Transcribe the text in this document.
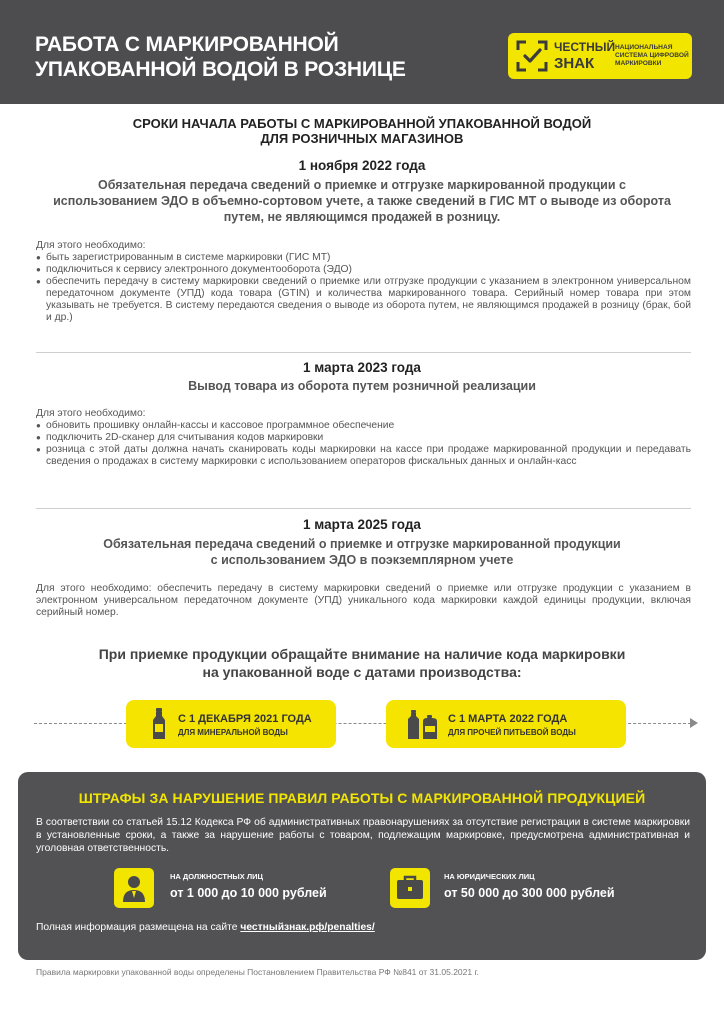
РАБОТА С МАРКИРОВАННОЙ
УПАКОВАННОЙ ВОДОЙ В РОЗНИЦЕ
ЧЕСТНЫЙ
ЗНАК
НАЦИОНАЛЬНАЯ
СИСТЕМА ЦИФРОВОЙ
МАРКИРОВКИ
СРОКИ НАЧАЛА РАБОТЫ С МАРКИРОВАННОЙ УПАКОВАННОЙ ВОДОЙ
ДЛЯ РОЗНИЧНЫХ МАГАЗИНОВ
1 ноября 2022 года
Обязательная передача сведений о приемке и отгрузке маркированной продукции с
использованием ЭДО в объемно-сортовом учете, а также сведений в ГИС МТ о выводе из оборота
путем, не являющимся продажей в розницу.
Для этого необходимо:
● быть зарегистрированным в системе маркировки (ГИС МТ)
● подключиться к сервису электронного документооборота (ЭДО)
● обеспечить передачу в систему маркировки сведений о приемке или отгрузке продукции с указанием в электронном универсальном передаточном документе (УПД) кода товара (GTIN) и количества маркированного товара. Серийный номер товара при этом указывать не требуется. В систему передаются сведения о выводе из оборота путем, не являющимся продажей в розницу (брак, бой и др.)
1 марта 2023 года
Вывод товара из оборота путем розничной реализации
Для этого необходимо:
● обновить прошивку онлайн-кассы и кассовое программное обеспечение
● подключить 2D-сканер для считывания кодов маркировки
● розница с этой даты должна начать сканировать коды маркировки на кассе при продаже маркированной продукции и передавать сведения о продажах в систему маркировки с использованием операторов фискальных данных и онлайн-касс
1 марта 2025 года
Обязательная передача сведений о приемке и отгрузке маркированной продукции
с использованием ЭДО в поэкземплярном учете
Для этого необходимо: обеспечить передачу в систему маркировки сведений о приемке или отгрузке продукции с указанием в электронном универсальном передаточном документе (УПД) уникального кода маркировки каждой единицы продукции, включая серийный номер.
При приемке продукции обращайте внимание на наличие кода маркировки
на упакованной воде с датами производства:
С 1 ДЕКАБРЯ 2021 ГОДА
ДЛЯ МИНЕРАЛЬНОЙ ВОДЫ
С 1 МАРТА 2022 ГОДА
ДЛЯ ПРОЧЕЙ ПИТЬЕВОЙ ВОДЫ
ШТРАФЫ ЗА НАРУШЕНИЕ ПРАВИЛ РАБОТЫ С МАРКИРОВАННОЙ ПРОДУКЦИЕЙ
В соответствии со статьей 15.12 Кодекса РФ об административных правонарушениях за отсутствие регистрации в системе маркировки в установленные сроки, а также за нарушение работы с товаром, подлежащим маркировке, предусмотрена административная и уголовная ответственность.
НА ДОЛЖНОСТНЫХ ЛИЦ
от 1 000 до 10 000 рублей
НА ЮРИДИЧЕСКИХ ЛИЦ
от 50 000 до 300 000 рублей
Полная информация размещена на сайте честныйзнак.рф/penalties/
Правила маркировки упакованной воды определены Постановлением Правительства РФ №841 от 31.05.2021 г.
